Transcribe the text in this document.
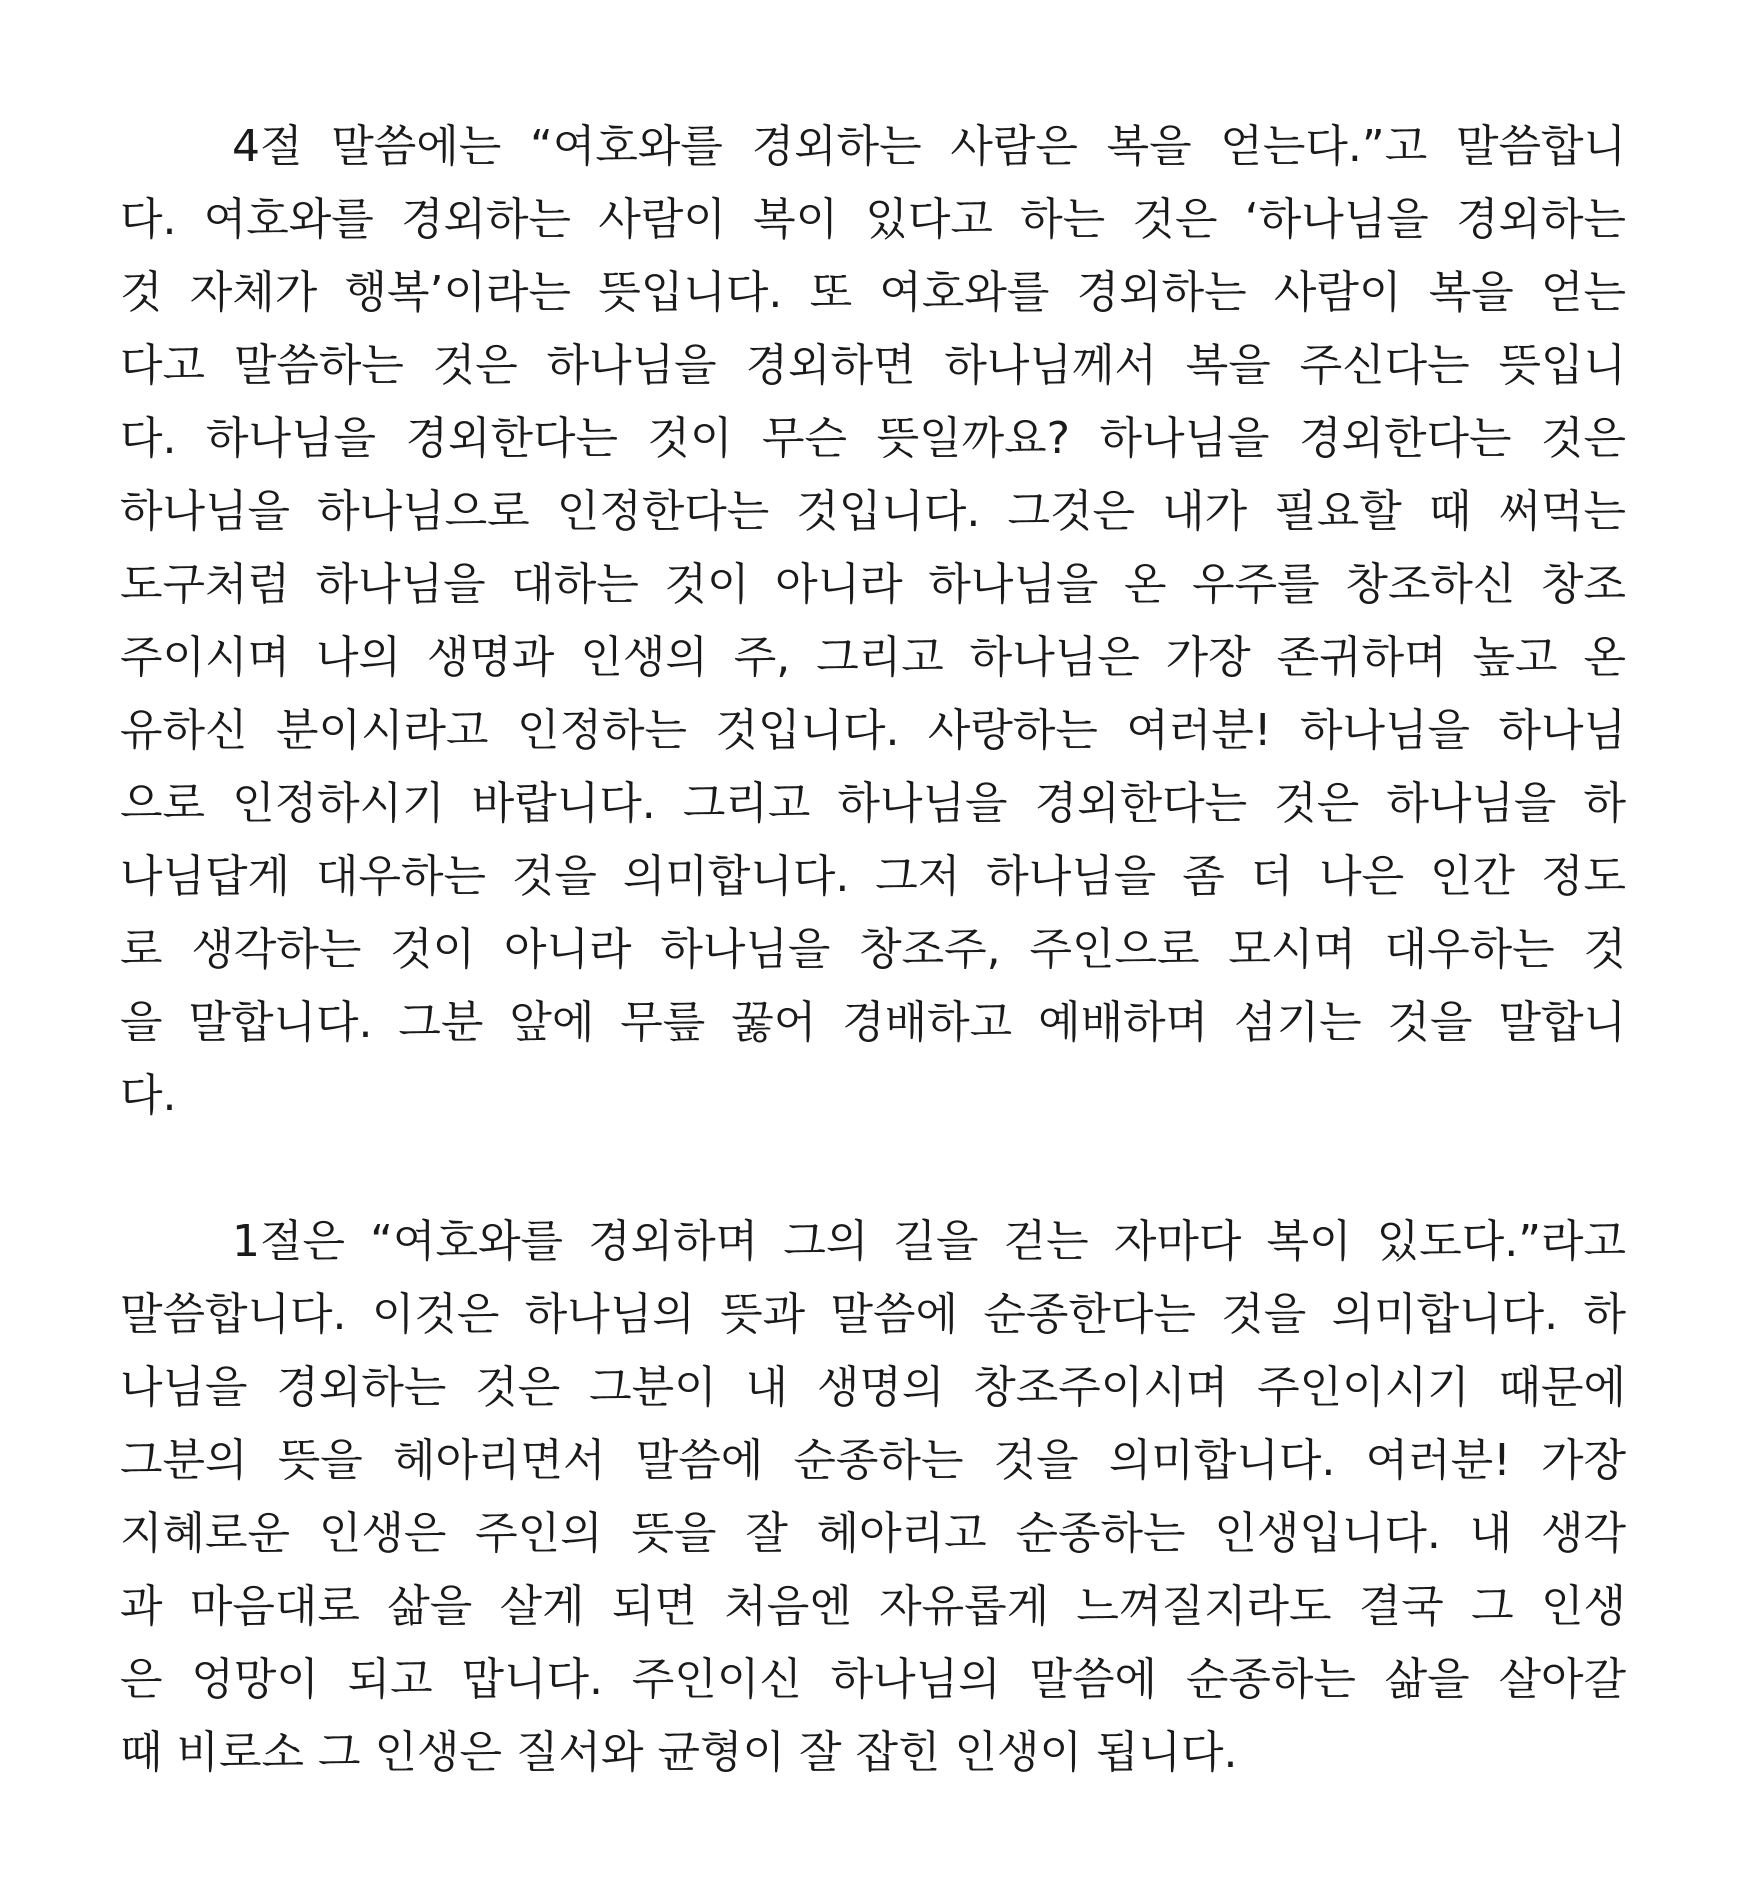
4절 말씀에는 “여호와를 경외하는 사람은 복을 얻는다.”고 말씀합니
다. 여호와를 경외하는 사람이 복이 있다고 하는 것은 ‘하나님을 경외하는
것 자체가 행복’이라는 뜻입니다. 또 여호와를 경외하는 사람이 복을 얻는
다고 말씀하는 것은 하나님을 경외하면 하나님께서 복을 주신다는 뜻입니
다. 하나님을 경외한다는 것이 무슨 뜻일까요? 하나님을 경외한다는 것은
하나님을 하나님으로 인정한다는 것입니다. 그것은 내가 필요할 때 써먹는
도구처럼 하나님을 대하는 것이 아니라 하나님을 온 우주를 창조하신 창조
주이시며 나의 생명과 인생의 주, 그리고 하나님은 가장 존귀하며 높고 온
유하신 분이시라고 인정하는 것입니다. 사랑하는 여러분! 하나님을 하나님
으로 인정하시기 바랍니다. 그리고 하나님을 경외한다는 것은 하나님을 하
나님답게 대우하는 것을 의미합니다. 그저 하나님을 좀 더 나은 인간 정도
로 생각하는 것이 아니라 하나님을 창조주, 주인으로 모시며 대우하는 것
을 말합니다. 그분 앞에 무릎 꿇어 경배하고 예배하며 섬기는 것을 말합니
다.
1절은 “여호와를 경외하며 그의 길을 걷는 자마다 복이 있도다.”라고
말씀합니다. 이것은 하나님의 뜻과 말씀에 순종한다는 것을 의미합니다. 하
나님을 경외하는 것은 그분이 내 생명의 창조주이시며 주인이시기 때문에
그분의 뜻을 헤아리면서 말씀에 순종하는 것을 의미합니다. 여러분! 가장
지혜로운 인생은 주인의 뜻을 잘 헤아리고 순종하는 인생입니다. 내 생각
과 마음대로 삶을 살게 되면 처음엔 자유롭게 느껴질지라도 결국 그 인생
은 엉망이 되고 맙니다. 주인이신 하나님의 말씀에 순종하는 삶을 살아갈
때 비로소 그 인생은 질서와 균형이 잘 잡힌 인생이 됩니다.
